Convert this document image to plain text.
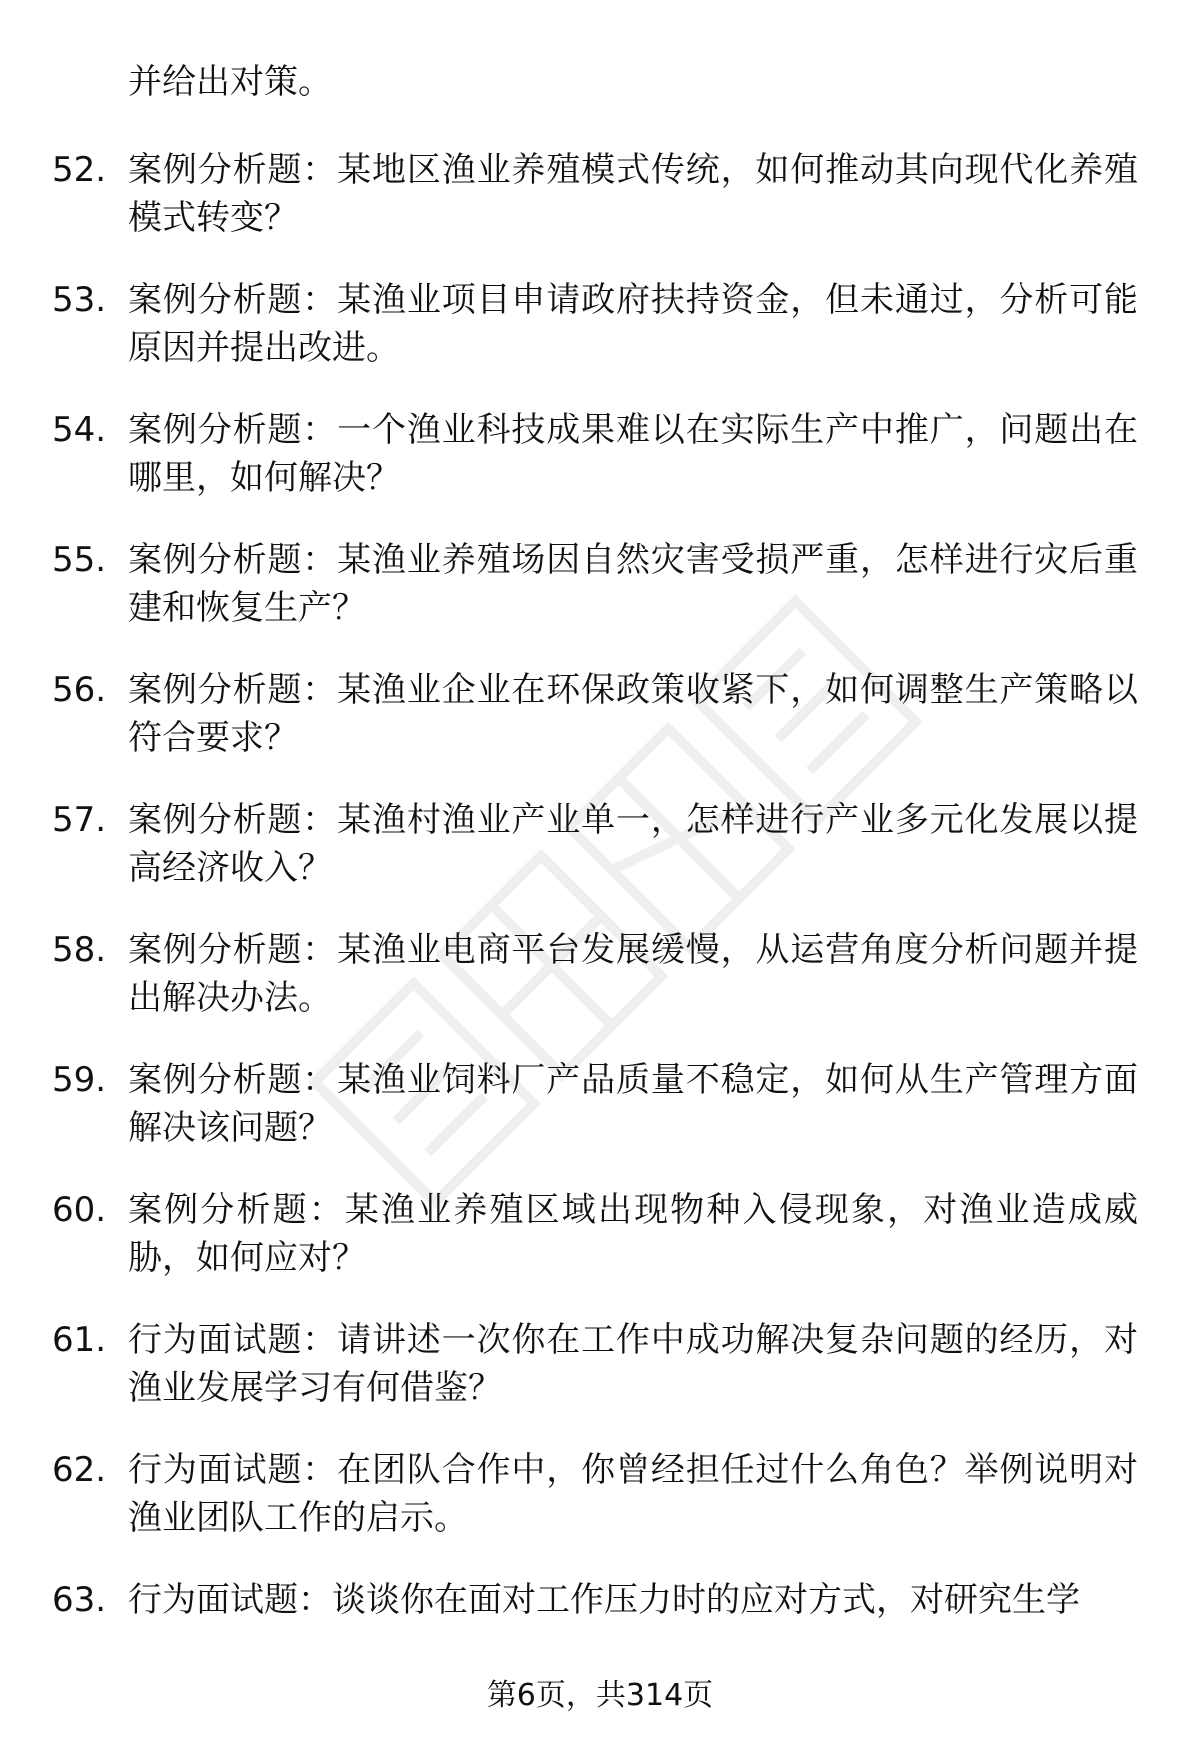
并给出对策。
52. 案例分析题：某地区渔业养殖模式传统，如何推动其向现代化养殖模式转变？
53. 案例分析题：某渔业项目申请政府扶持资金，但未通过，分析可能原因并提出改进。
54. 案例分析题：一个渔业科技成果难以在实际生产中推广，问题出在哪里，如何解决？
55. 案例分析题：某渔业养殖场因自然灾害受损严重，怎样进行灾后重建和恢复生产？
56. 案例分析题：某渔业企业在环保政策收紧下，如何调整生产策略以符合要求？
57. 案例分析题：某渔村渔业产业单一，怎样进行产业多元化发展以提高经济收入？
58. 案例分析题：某渔业电商平台发展缓慢，从运营角度分析问题并提出解决办法。
59. 案例分析题：某渔业饲料厂产品质量不稳定，如何从生产管理方面解决该问题？
60. 案例分析题：某渔业养殖区域出现物种入侵现象，对渔业造成威胁，如何应对？
61. 行为面试题：请讲述一次你在工作中成功解决复杂问题的经历，对渔业发展学习有何借鉴？
62. 行为面试题：在团队合作中，你曾经担任过什么角色？举例说明对渔业团队工作的启示。
63. 行为面试题：谈谈你在面对工作压力时的应对方式，对研究生学
第6页，共314页
